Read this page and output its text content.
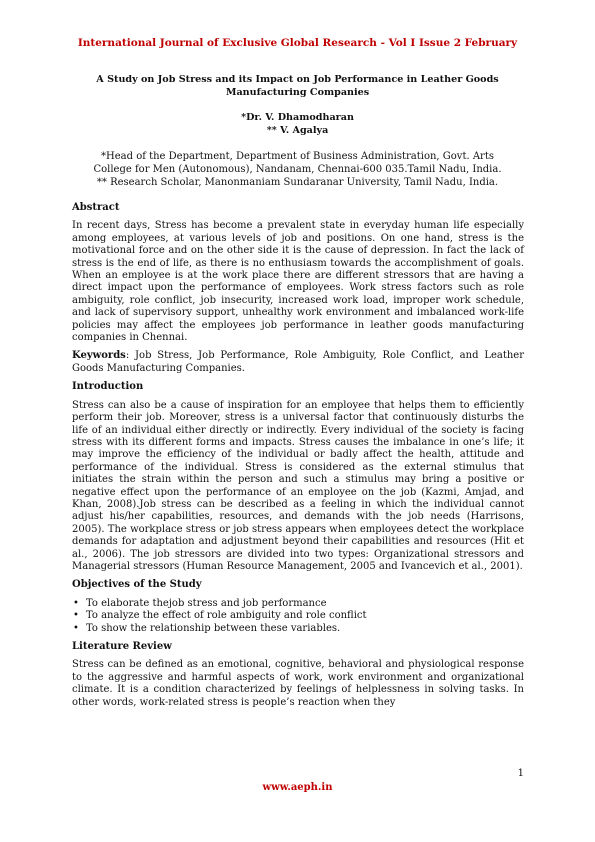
International Journal of Exclusive Global Research - Vol I Issue 2 February
A Study on Job Stress and its Impact on Job Performance in Leather Goods
Manufacturing Companies
*Dr. V. Dhamodharan
** V. Agalya
*Head of the Department, Department of Business Administration, Govt. Arts
College for Men (Autonomous), Nandanam, Chennai-600 035.Tamil Nadu, India.
** Research Scholar, Manonmaniam Sundaranar University, Tamil Nadu, India.
Abstract
In recent days, Stress has become a prevalent state in everyday human life especially among employees, at various levels of job and positions. On one hand, stress is the motivational force and on the other side it is the cause of depression. In fact the lack of stress is the end of life, as there is no enthusiasm towards the accomplishment of goals. When an employee is at the work place there are different stressors that are having a direct impact upon the performance of employees. Work stress factors such as role ambiguity, role conflict, job insecurity, increased work load, improper work schedule, and lack of supervisory support, unhealthy work environment and imbalanced work-life policies may affect the employees job performance in leather goods manufacturing companies in Chennai.
Keywords: Job Stress, Job Performance, Role Ambiguity, Role Conflict, and Leather Goods Manufacturing Companies.
Introduction
Stress can also be a cause of inspiration for an employee that helps them to efficiently perform their job. Moreover, stress is a universal factor that continuously disturbs the life of an individual either directly or indirectly. Every individual of the society is facing stress with its different forms and impacts. Stress causes the imbalance in one’s life; it may improve the efficiency of the individual or badly affect the health, attitude and performance of the individual. Stress is considered as the external stimulus that initiates the strain within the person and such a stimulus may bring a positive or negative effect upon the performance of an employee on the job (Kazmi, Amjad, and Khan, 2008).Job stress can be described as a feeling in which the individual cannot adjust his/her capabilities, resources, and demands with the job needs (Harrisons, 2005). The workplace stress or job stress appears when employees detect the workplace demands for adaptation and adjustment beyond their capabilities and resources (Hit et al., 2006). The job stressors are divided into two types: Organizational stressors and Managerial stressors (Human Resource Management, 2005 and Ivancevich et al., 2001).
Objectives of the Study
• To elaborate thejob stress and job performance
• To analyze the effect of role ambiguity and role conflict
• To show the relationship between these variables.
Literature Review
Stress can be defined as an emotional, cognitive, behavioral and physiological response to the aggressive and harmful aspects of work, work environment and organizational climate. It is a condition characterized by feelings of helplessness in solving tasks. In other words, work-related stress is people’s reaction when they
1
www.aeph.in
